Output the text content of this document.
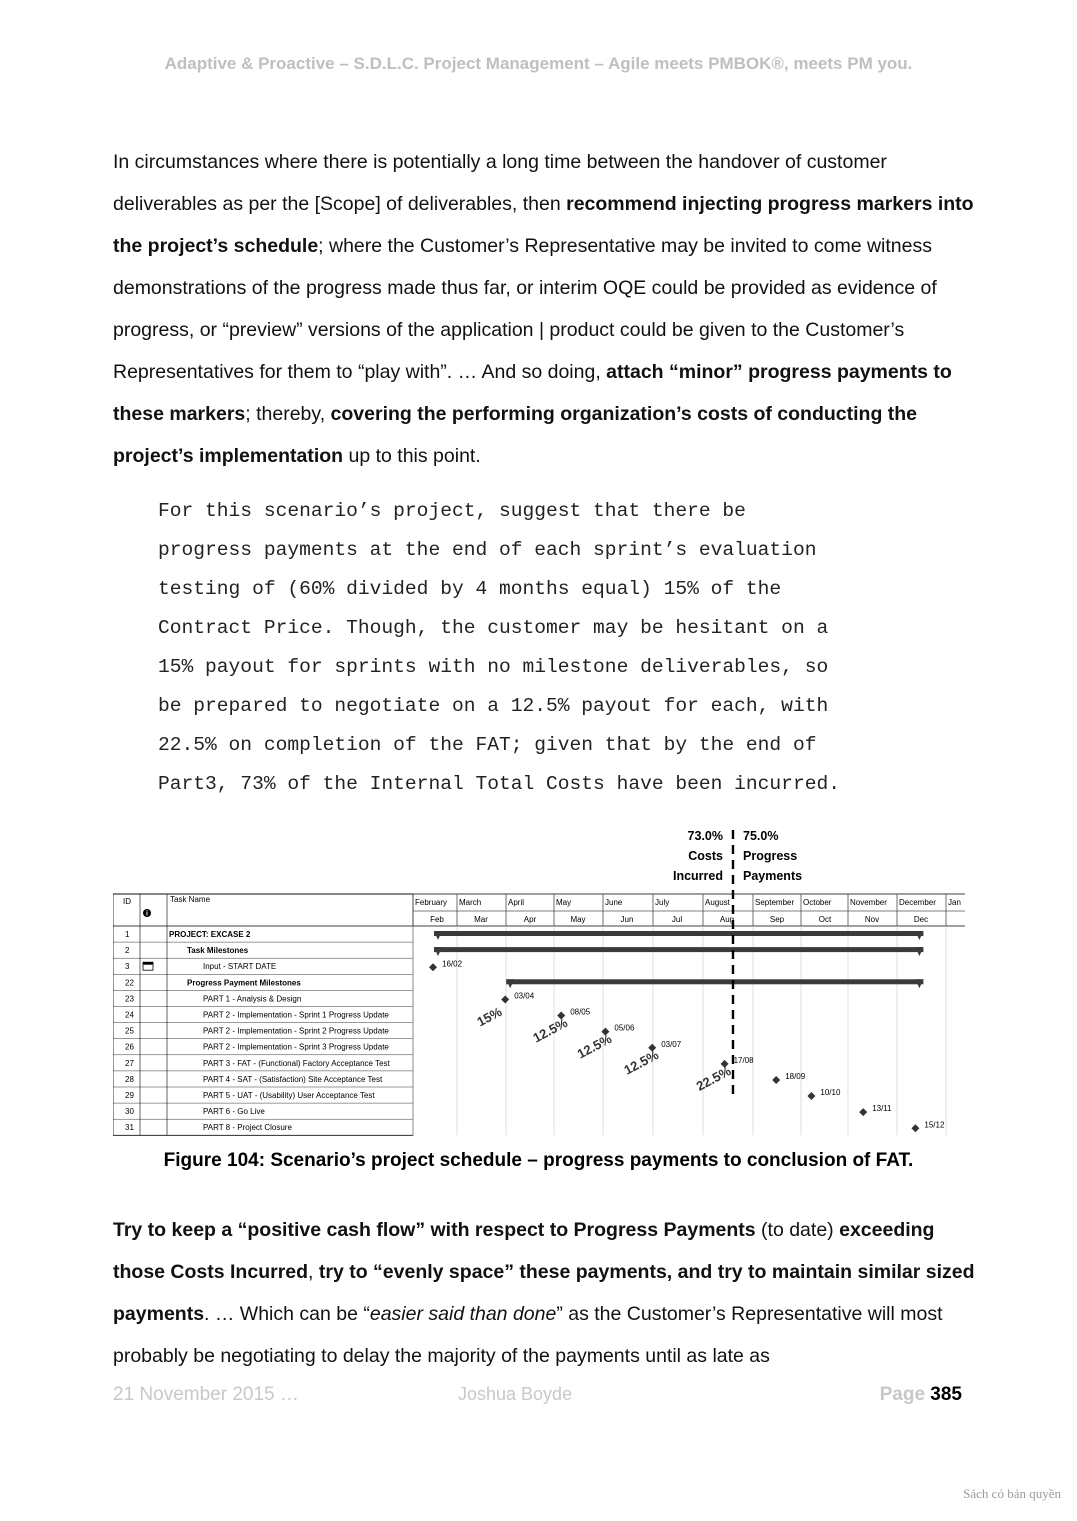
Adaptive & Proactive – S.D.L.C. Project Management – Agile meets PMBOK®, meets PM you.
In circumstances where there is potentially a long time between the handover of customer deliverables as per the [Scope] of deliverables, then recommend injecting progress markers into the project’s schedule; where the Customer’s Representative may be invited to come witness demonstrations of the progress made thus far, or interim OQE could be provided as evidence of progress, or “preview” versions of the application | product could be given to the Customer’s Representatives for them to “play with”. … And so doing, attach “minor” progress payments to these markers; thereby, covering the performing organization’s costs of conducting the project’s implementation up to this point.
For this scenario’s project, suggest that there be
progress payments at the end of each sprint’s evaluation
testing of (60% divided by 4 months equal) 15% of the
Contract Price. Though, the customer may be hesitant on a
15% payout for sprints with no milestone deliverables, so
be prepared to negotiate on a 12.5% payout for each, with
22.5% on completion of the FAT; given that by the end of
Part3, 73% of the Internal Total Costs have been incurred.
73.0%
Costs
Incurred
75.0%
Progress
Payments
ID
i
Task Name
1	PROJECT: EXCASE 2
2	Task Milestones
3	Input - START DATE
22	Progress Payment Milestones
23	PART 1 - Analysis & Design
24	PART 2 - Implementation - Sprint 1 Progress Update
25	PART 2 - Implementation - Sprint 2 Progress Update
26	PART 2 - Implementation - Sprint 3 Progress Update
27	PART 3 - FAT - (Functional) Factory Acceptance Test
28	PART 4 - SAT - (Satisfaction) Site Acceptance Test
29	PART 5 - UAT - (Usability) User Acceptance Test
30	PART 6 - Go Live
31	PART 8 - Project Closure
February
Feb
March
Mar
April
Apr
May
May
June
Jun
July
Jul
August
Aug
September
Sep
October
Oct
November
Nov
December
Dec
Jan
16/02
03/04
15%	08/05
12.5%	05/06
12.5%	03/07
12.5%	17/08
22.5%	18/09
10/10
13/11
15/12
Figure 104: Scenario’s project schedule – progress payments to conclusion of FAT.
Try to keep a “positive cash flow” with respect to Progress Payments (to date) exceeding those Costs Incurred, try to “evenly space” these payments, and try to maintain similar sized payments. … Which can be “easier said than done” as the Customer’s Representative will most probably be negotiating to delay the majority of the payments until as late as
21 November 2015 …	Joshua Boyde	Page 385
Sách có bản quyền
